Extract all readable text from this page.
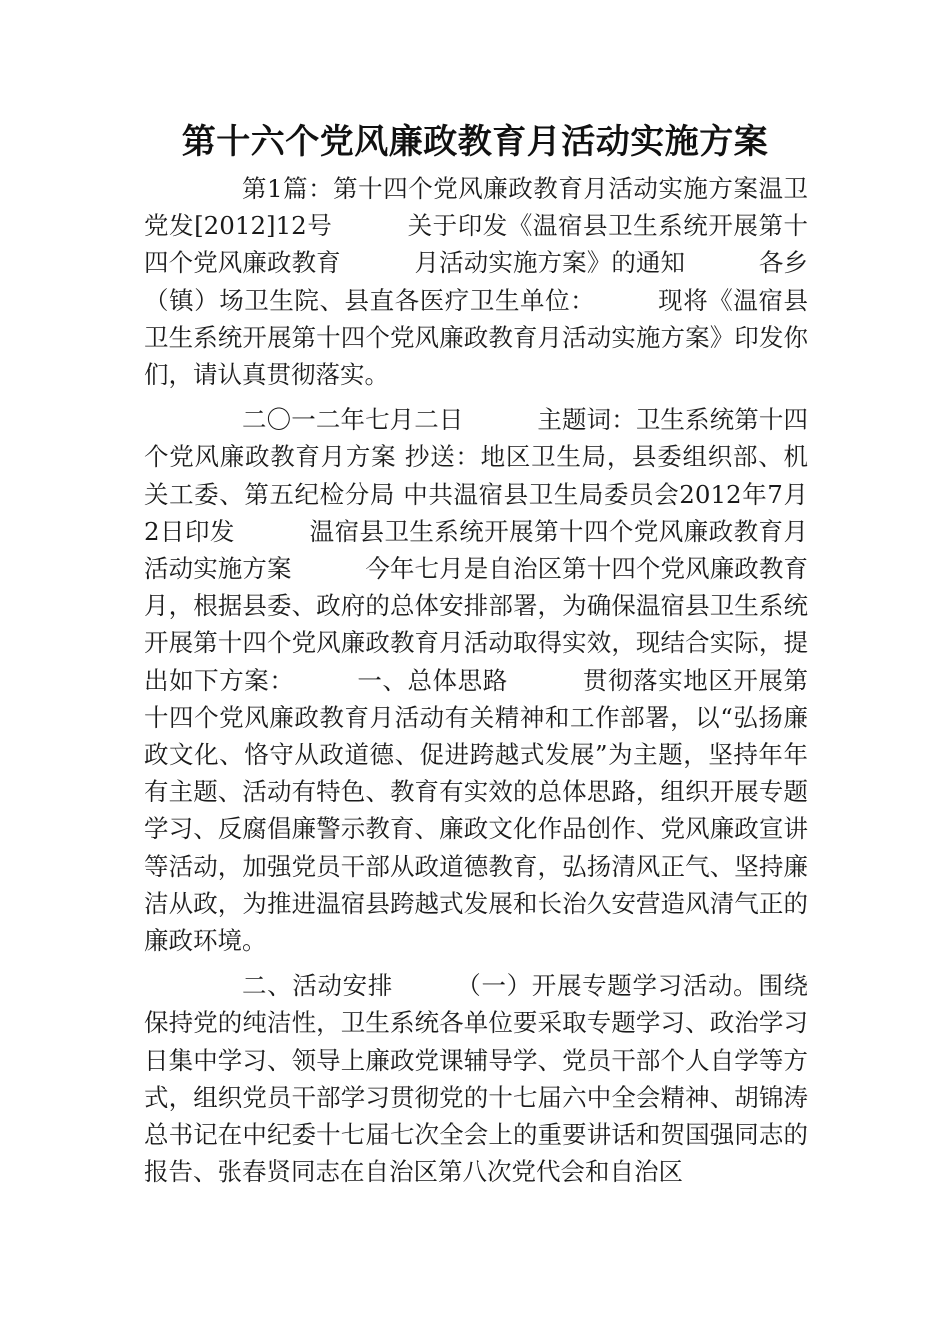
第十六个党风廉政教育月活动实施方案

第1篇：第十四个党风廉政教育月活动实施方案温卫党发[2012]12号　　　关于印发《温宿县卫生系统开展第十四个党风廉政教育　　　月活动实施方案》的通知　　　各乡（镇）场卫生院、县直各医疗卫生单位：　　　现将《温宿县卫生系统开展第十四个党风廉政教育月活动实施方案》印发你们，请认真贯彻落实。

二〇一二年七月二日　　　主题词：卫生系统第十四个党风廉政教育月方案 抄送：地区卫生局，县委组织部、机关工委、第五纪检分局 中共温宿县卫生局委员会2012年7月2日印发　　　温宿县卫生系统开展第十四个党风廉政教育月活动实施方案　　　今年七月是自治区第十四个党风廉政教育月，根据县委、政府的总体安排部署，为确保温宿县卫生系统开展第十四个党风廉政教育月活动取得实效，现结合实际，提出如下方案：　　　一、总体思路　　　贯彻落实地区开展第十四个党风廉政教育月活动有关精神和工作部署，以“弘扬廉政文化、恪守从政道德、促进跨越式发展”为主题，坚持年年有主题、活动有特色、教育有实效的总体思路，组织开展专题学习、反腐倡廉警示教育、廉政文化作品创作、党风廉政宣讲等活动，加强党员干部从政道德教育，弘扬清风正气、坚持廉洁从政，为推进温宿县跨越式发展和长治久安营造风清气正的廉政环境。

二、活动安排　　　（一）开展专题学习活动。围绕保持党的纯洁性，卫生系统各单位要采取专题学习、政治学习日集中学习、领导上廉政党课辅导学、党员干部个人自学等方式，组织党员干部学习贯彻党的十七届六中全会精神、胡锦涛总书记在中纪委十七届七次全会上的重要讲话和贺国强同志的报告、张春贤同志在自治区第八次党代会和自治区
